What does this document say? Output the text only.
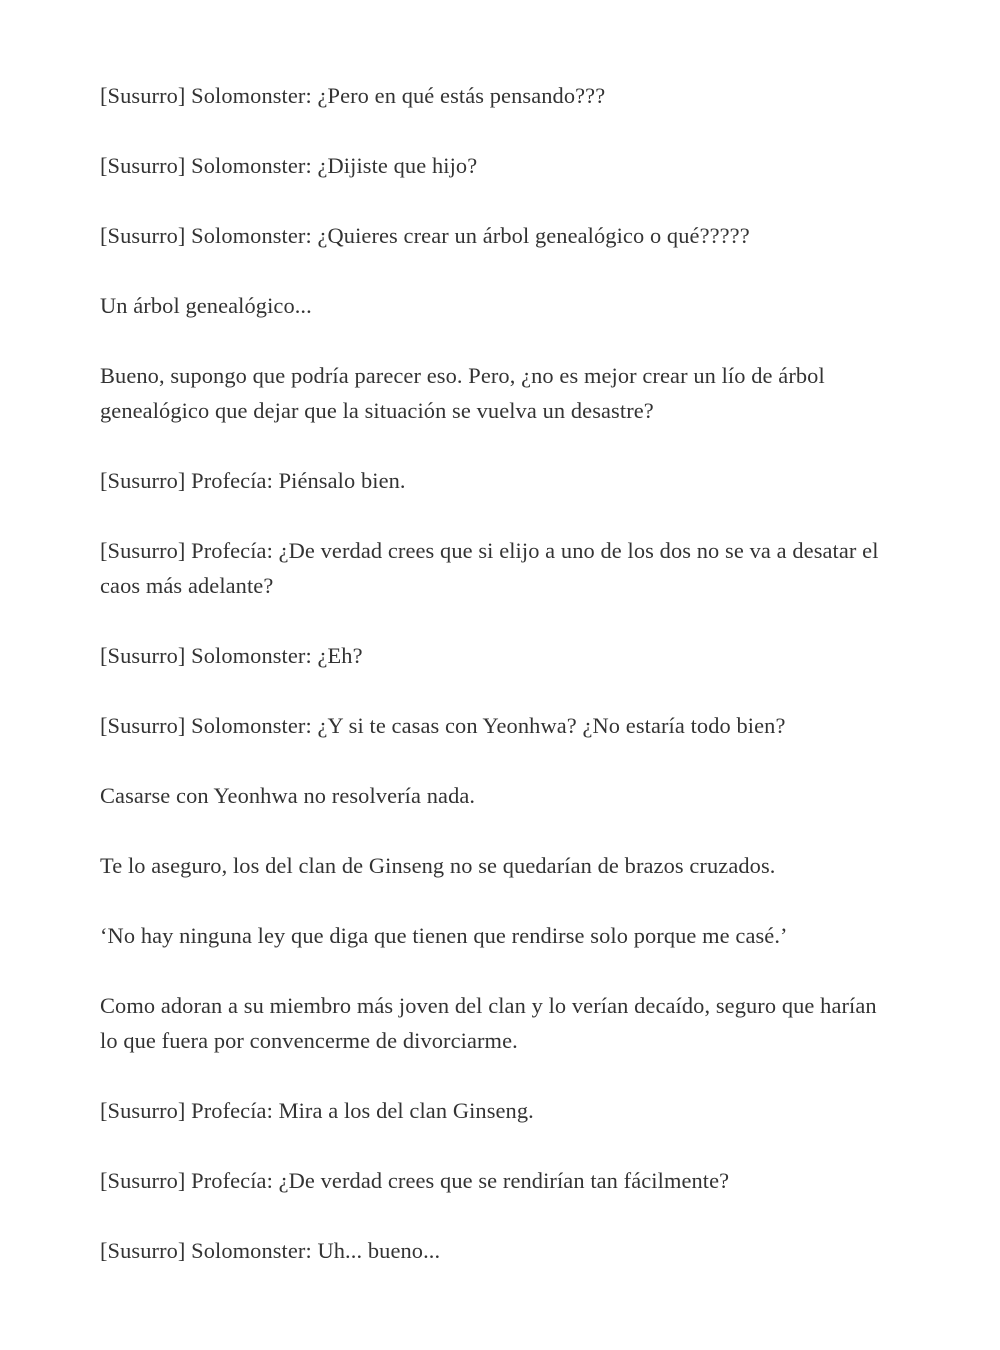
[Susurro] Solomonster: ¿Pero en qué estás pensando???

[Susurro] Solomonster: ¿Dijiste que hijo?

[Susurro] Solomonster: ¿Quieres crear un árbol genealógico o qué?????

Un árbol genealógico...

Bueno, supongo que podría parecer eso. Pero, ¿no es mejor crear un lío de árbol genealógico que dejar que la situación se vuelva un desastre?

[Susurro] Profecía: Piénsalo bien.

[Susurro] Profecía: ¿De verdad crees que si elijo a uno de los dos no se va a desatar el caos más adelante?

[Susurro] Solomonster: ¿Eh?

[Susurro] Solomonster: ¿Y si te casas con Yeonhwa? ¿No estaría todo bien?

Casarse con Yeonhwa no resolvería nada.

Te lo aseguro, los del clan de Ginseng no se quedarían de brazos cruzados.

‘No hay ninguna ley que diga que tienen que rendirse solo porque me casé.’

Como adoran a su miembro más joven del clan y lo verían decaído, seguro que harían lo que fuera por convencerme de divorciarme.

[Susurro] Profecía: Mira a los del clan Ginseng.

[Susurro] Profecía: ¿De verdad crees que se rendirían tan fácilmente?

[Susurro] Solomonster: Uh... bueno...
